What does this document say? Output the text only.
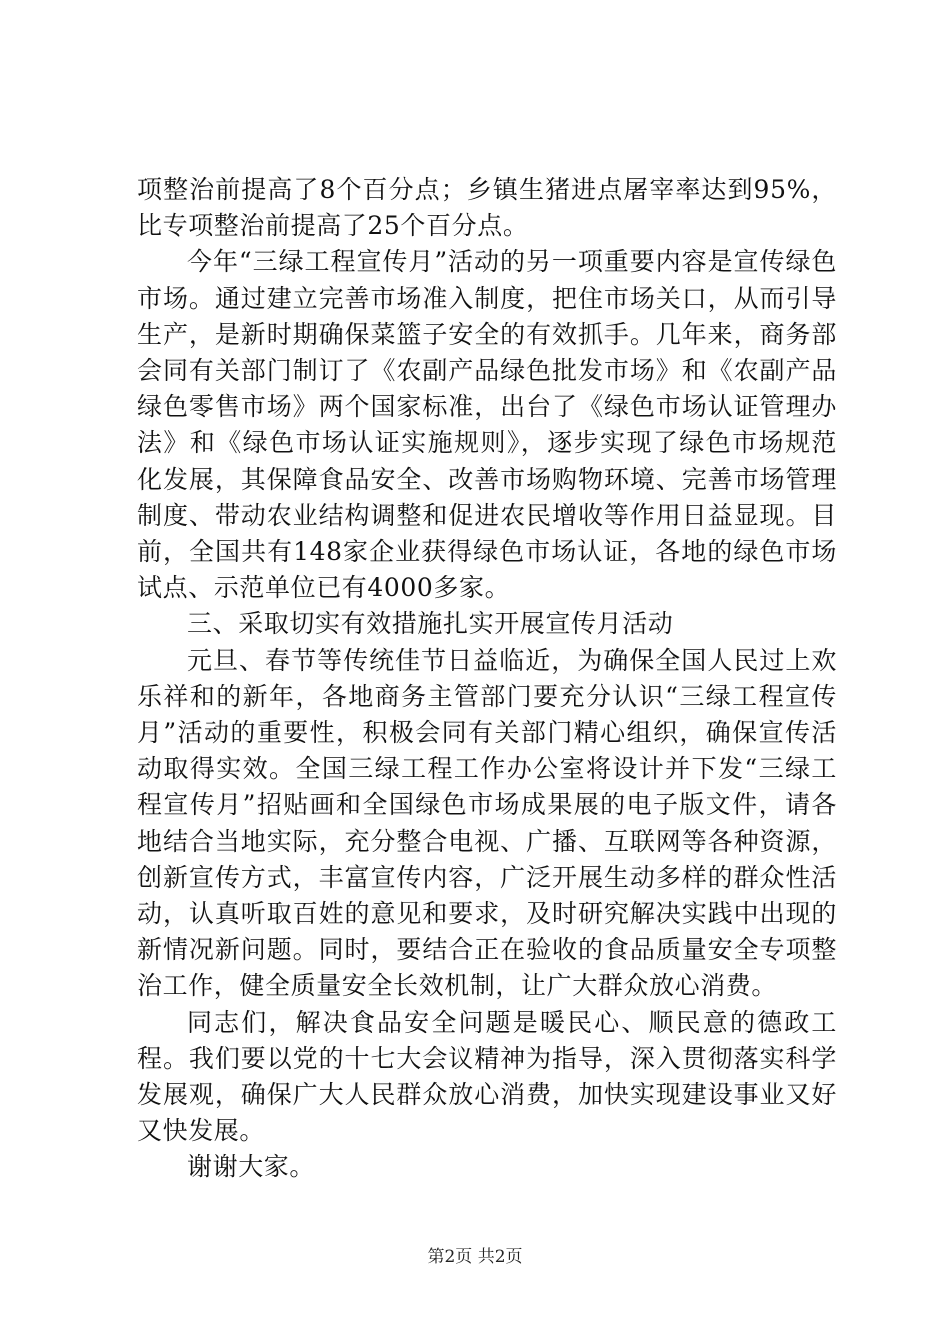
项整治前提高了8个百分点；乡镇生猪进点屠宰率达到95%，比专项整治前提高了25个百分点。

今年“三绿工程宣传月”活动的另一项重要内容是宣传绿色市场。通过建立完善市场准入制度，把住市场关口，从而引导生产，是新时期确保菜篮子安全的有效抓手。几年来，商务部会同有关部门制订了《农副产品绿色批发市场》和《农副产品绿色零售市场》两个国家标准，出台了《绿色市场认证管理办法》和《绿色市场认证实施规则》，逐步实现了绿色市场规范化发展，其保障食品安全、改善市场购物环境、完善市场管理制度、带动农业结构调整和促进农民增收等作用日益显现。目前，全国共有148家企业获得绿色市场认证，各地的绿色市场试点、示范单位已有4000多家。

三、采取切实有效措施扎实开展宣传月活动

元旦、春节等传统佳节日益临近，为确保全国人民过上欢乐祥和的新年，各地商务主管部门要充分认识“三绿工程宣传月”活动的重要性，积极会同有关部门精心组织，确保宣传活动取得实效。全国三绿工程工作办公室将设计并下发“三绿工程宣传月”招贴画和全国绿色市场成果展的电子版文件，请各地结合当地实际，充分整合电视、广播、互联网等各种资源，创新宣传方式，丰富宣传内容，广泛开展生动多样的群众性活动，认真听取百姓的意见和要求，及时研究解决实践中出现的新情况新问题。同时，要结合正在验收的食品质量安全专项整治工作，健全质量安全长效机制，让广大群众放心消费。

同志们，解决食品安全问题是暖民心、顺民意的德政工程。我们要以党的十七大会议精神为指导，深入贯彻落实科学发展观，确保广大人民群众放心消费，加快实现建设事业又好又快发展。

谢谢大家。

第2页 共2页
